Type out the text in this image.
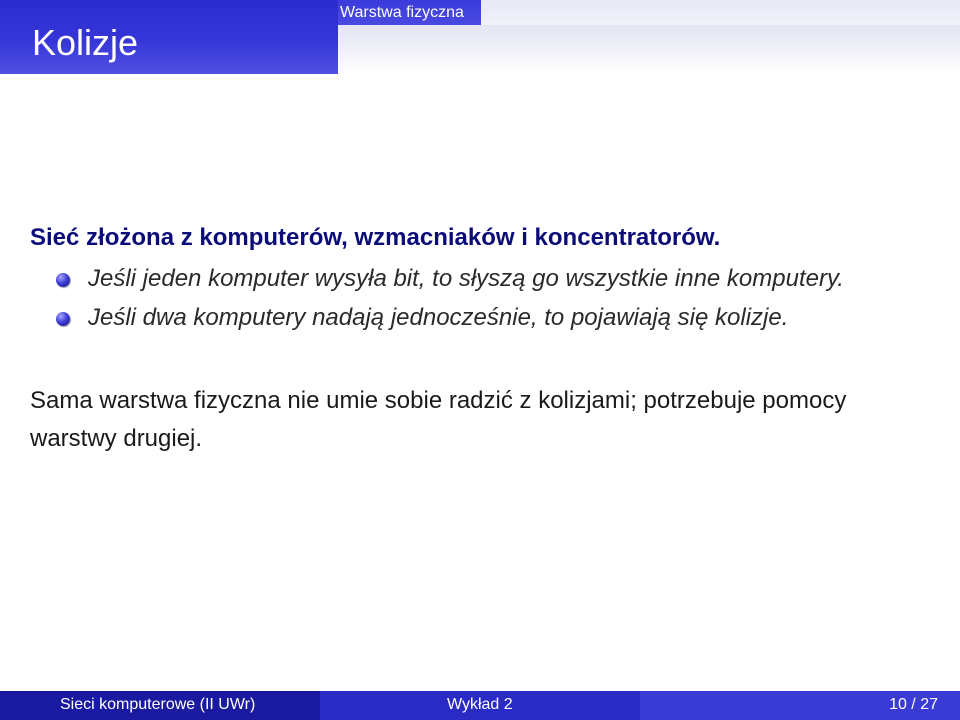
Kolizje
Warstwa fizyczna
Sieć złożona z komputerów, wzmacniaków i koncentratorów.
Jeśli jeden komputer wysyła bit, to słyszą go wszystkie inne komputery.
Jeśli dwa komputery nadają jednocześnie, to pojawiają się kolizje.
Sama warstwa fizyczna nie umie sobie radzić z kolizjami; potrzebuje pomocy warstwy drugiej.
Sieci komputerowe (II UWr)	Wykład 2	10 / 27
